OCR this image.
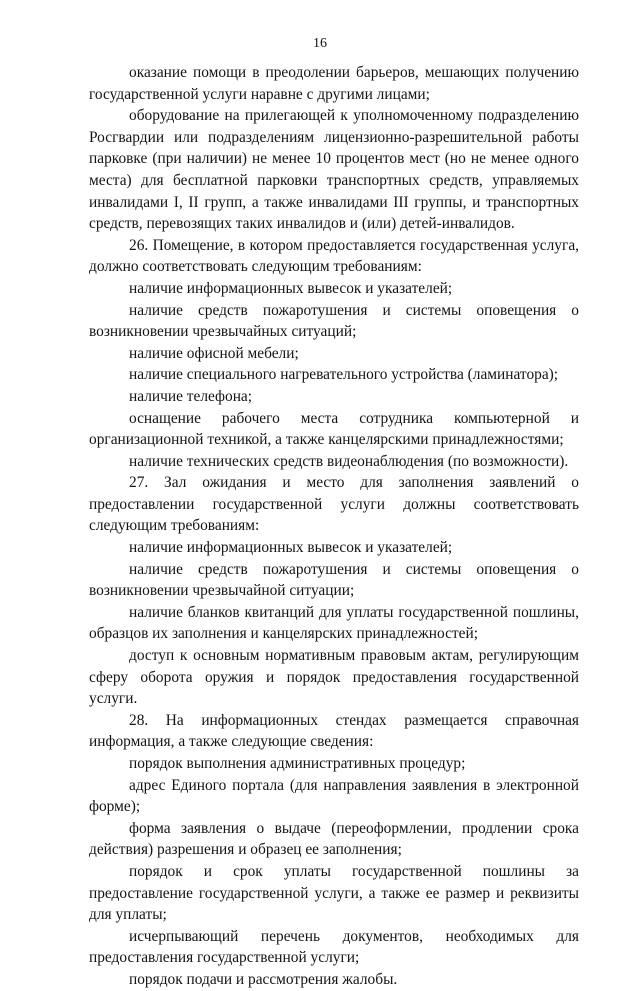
16

оказание помощи в преодолении барьеров, мешающих получению государственной услуги наравне с другими лицами;

оборудование на прилегающей к уполномоченному подразделению Росгвардии или подразделениям лицензионно-разрешительной работы парковке (при наличии) не менее 10 процентов мест (но не менее одного места) для бесплатной парковки транспортных средств, управляемых инвалидами I, II групп, а также инвалидами III группы, и транспортных средств, перевозящих таких инвалидов и (или) детей-инвалидов.

26. Помещение, в котором предоставляется государственная услуга, должно соответствовать следующим требованиям:

наличие информационных вывесок и указателей;

наличие средств пожаротушения и системы оповещения о возникновении чрезвычайных ситуаций;

наличие офисной мебели;

наличие специального нагревательного устройства (ламинатора);

наличие телефона;

оснащение рабочего места сотрудника компьютерной и организационной техникой, а также канцелярскими принадлежностями;

наличие технических средств видеонаблюдения (по возможности).

27. Зал ожидания и место для заполнения заявлений о предоставлении государственной услуги должны соответствовать следующим требованиям:

наличие информационных вывесок и указателей;

наличие средств пожаротушения и системы оповещения о возникновении чрезвычайной ситуации;

наличие бланков квитанций для уплаты государственной пошлины, образцов их заполнения и канцелярских принадлежностей;

доступ к основным нормативным правовым актам, регулирующим сферу оборота оружия и порядок предоставления государственной услуги.

28. На информационных стендах размещается справочная информация, а также следующие сведения:

порядок выполнения административных процедур;

адрес Единого портала (для направления заявления в электронной форме);

форма заявления о выдаче (переоформлении, продлении срока действия) разрешения и образец ее заполнения;

порядок и срок уплаты государственной пошлины за предоставление государственной услуги, а также ее размер и реквизиты для уплаты;

исчерпывающий перечень документов, необходимых для предоставления государственной услуги;

порядок подачи и рассмотрения жалобы.
